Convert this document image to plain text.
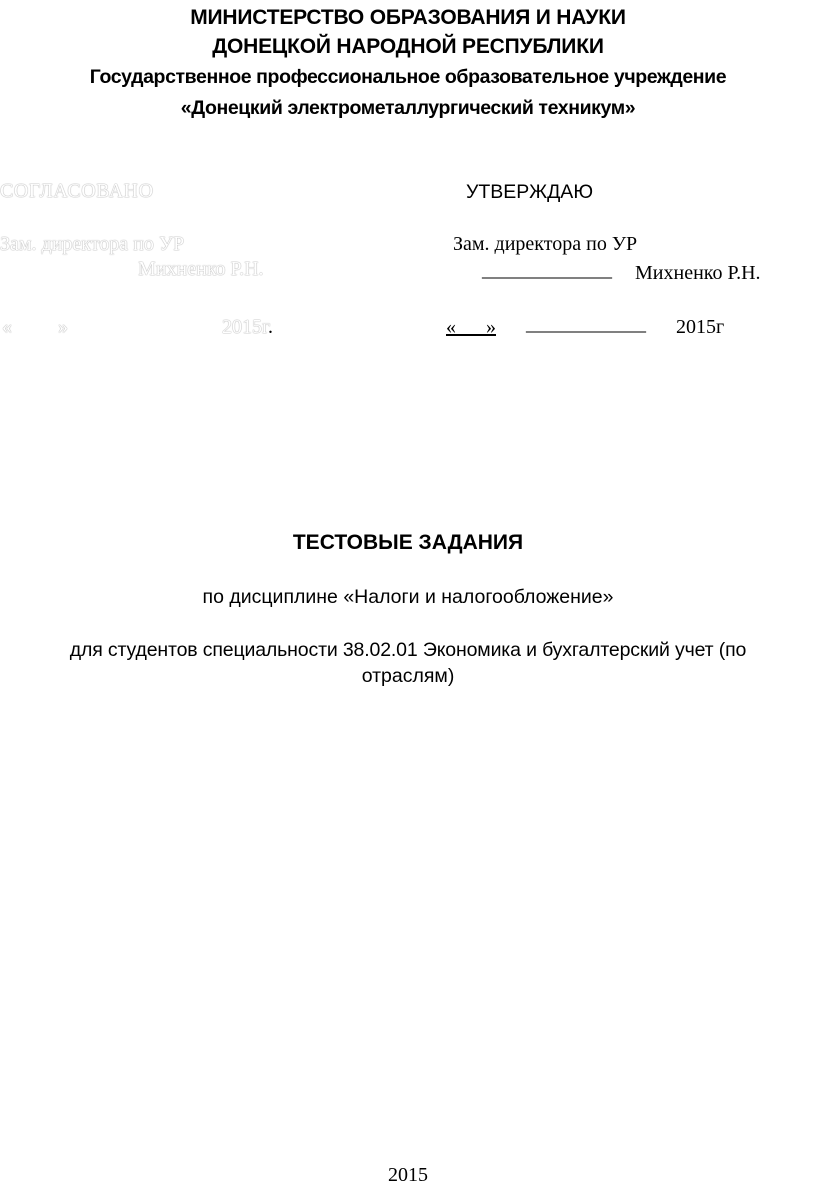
МИНИСТЕРСТВО ОБРАЗОВАНИЯ И НАУКИ
ДОНЕЦКОЙ НАРОДНОЙ РЕСПУБЛИКИ
Государственное профессиональное образовательное учреждение
«Донецкий электрометаллургический техникум»
СОГЛАСОВАНО
Зам. директора по УР
Михненко Р.Н.
« »	2015г.
УТВЕРЖДАЮ
Зам. директора по УР
_____________ Михненко Р.Н.
«      » ____________ 2015г
ТЕСТОВЫЕ ЗАДАНИЯ
по дисциплине «Налоги и налогообложение»
для студентов специальности 38.02.01 Экономика и бухгалтерский учет (по
отраслям)
2015
